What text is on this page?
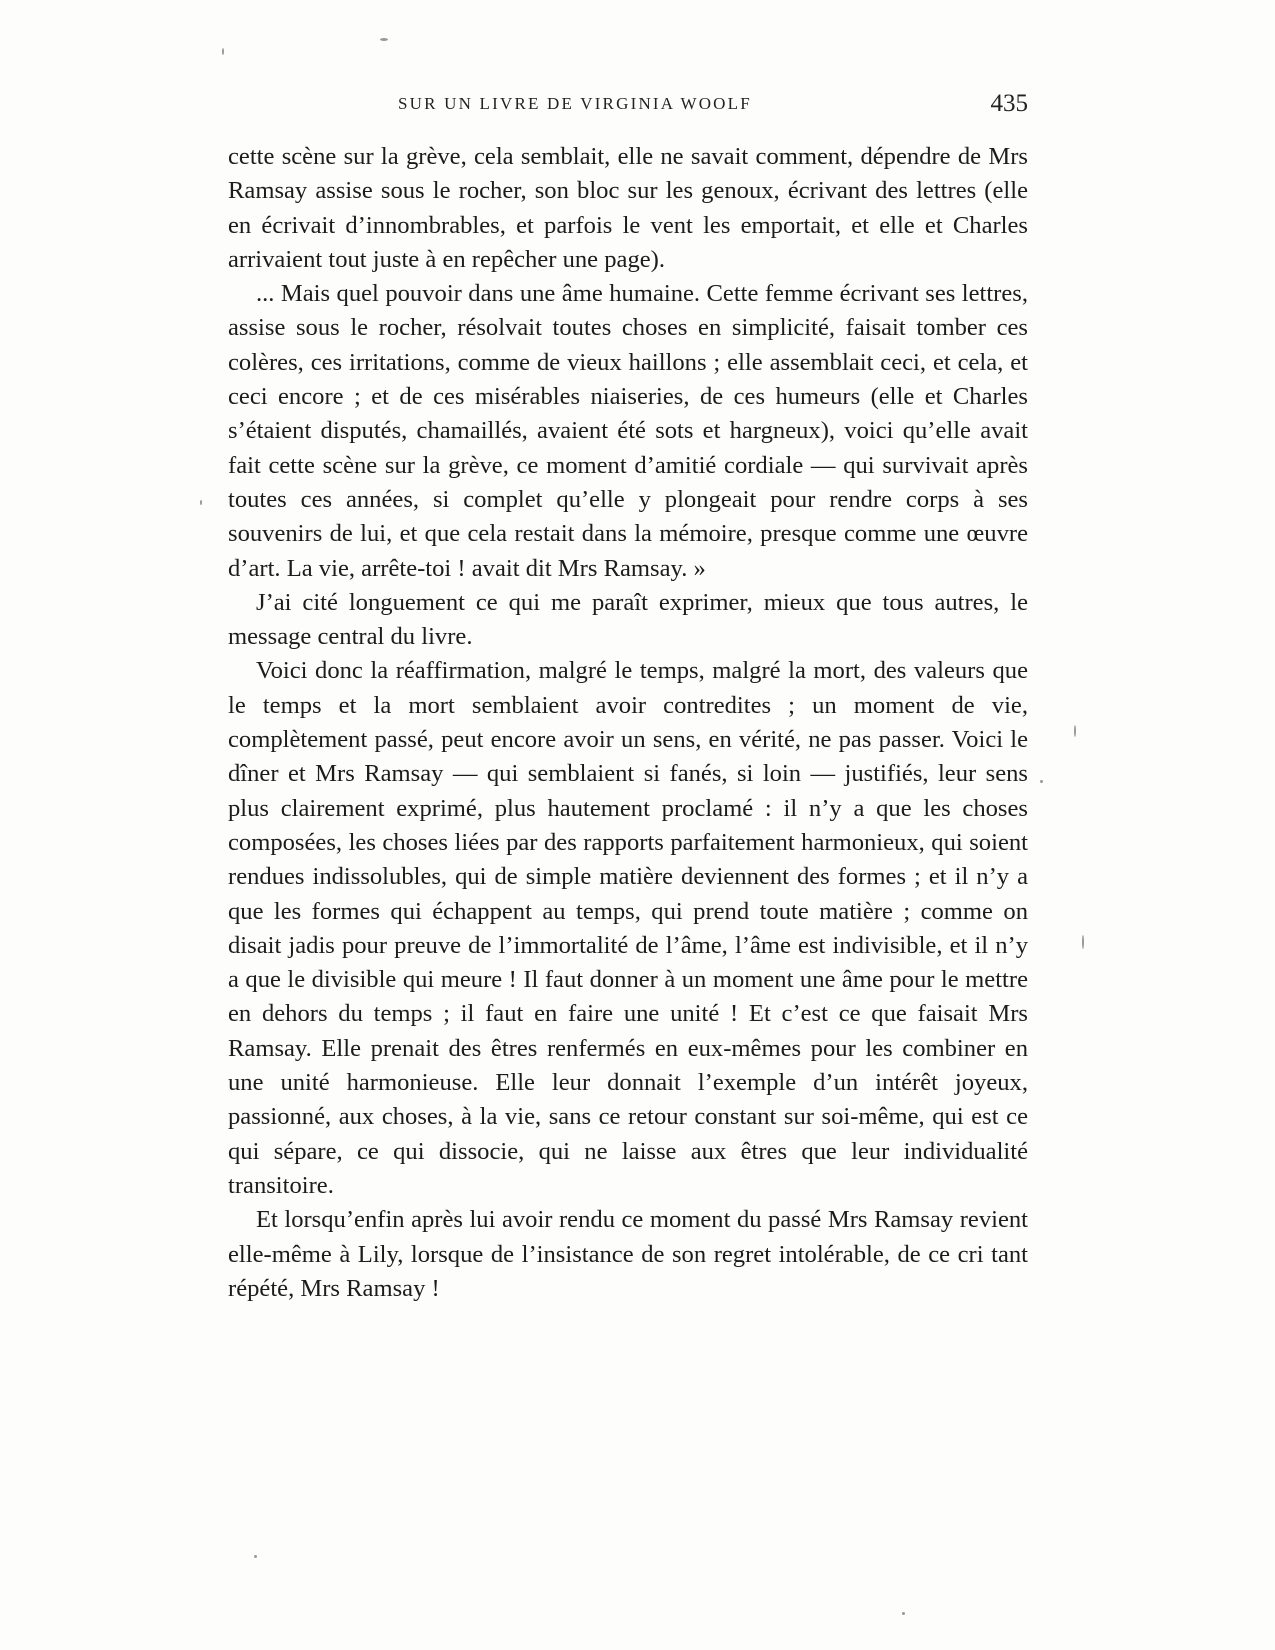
SUR UN LIVRE DE VIRGINIA WOOLF	435

cette scène sur la grève, cela semblait, elle ne savait comment, dépendre de Mrs Ramsay assise sous le rocher, son bloc sur les genoux, écrivant des lettres (elle en écrivait d’innombrables, et parfois le vent les emportait, et elle et Charles arrivaient tout juste à en repêcher une page).

... Mais quel pouvoir dans une âme humaine. Cette femme écrivant ses lettres, assise sous le rocher, résolvait toutes choses en simplicité, faisait tomber ces colères, ces irritations, comme de vieux haillons ; elle assemblait ceci, et cela, et ceci encore ; et de ces misérables niaiseries, de ces humeurs (elle et Charles s’étaient disputés, chamaillés, avaient été sots et hargneux), voici qu’elle avait fait cette scène sur la grève, ce moment d’amitié cordiale — qui survivait après toutes ces années, si complet qu’elle y plongeait pour rendre corps à ses souvenirs de lui, et que cela restait dans la mémoire, presque comme une œuvre d’art. La vie, arrête-toi ! avait dit Mrs Ramsay. »

J’ai cité longuement ce qui me paraît exprimer, mieux que tous autres, le message central du livre.

Voici donc la réaffirmation, malgré le temps, malgré la mort, des valeurs que le temps et la mort semblaient avoir contredites ; un moment de vie, complètement passé, peut encore avoir un sens, en vérité, ne pas passer. Voici le dîner et Mrs Ramsay — qui semblaient si fanés, si loin — justifiés, leur sens plus clairement exprimé, plus hautement proclamé : il n’y a que les choses composées, les choses liées par des rapports parfaitement harmonieux, qui soient rendues indissolubles, qui de simple matière deviennent des formes ; et il n’y a que les formes qui échappent au temps, qui prend toute matière ; comme on disait jadis pour preuve de l’immortalité de l’âme, l’âme est indivisible, et il n’y a que le divisible qui meure ! Il faut donner à un moment une âme pour le mettre en dehors du temps ; il faut en faire une unité ! Et c’est ce que faisait Mrs Ramsay. Elle prenait des êtres renfermés en eux-mêmes pour les combiner en une unité harmonieuse. Elle leur donnait l’exemple d’un intérêt joyeux, passionné, aux choses, à la vie, sans ce retour constant sur soi-même, qui est ce qui sépare, ce qui dissocie, qui ne laisse aux êtres que leur individualité transitoire.

Et lorsqu’enfin après lui avoir rendu ce moment du passé Mrs Ramsay revient elle-même à Lily, lorsque de l’insistance de son regret intolérable, de ce cri tant répété, Mrs Ramsay !
